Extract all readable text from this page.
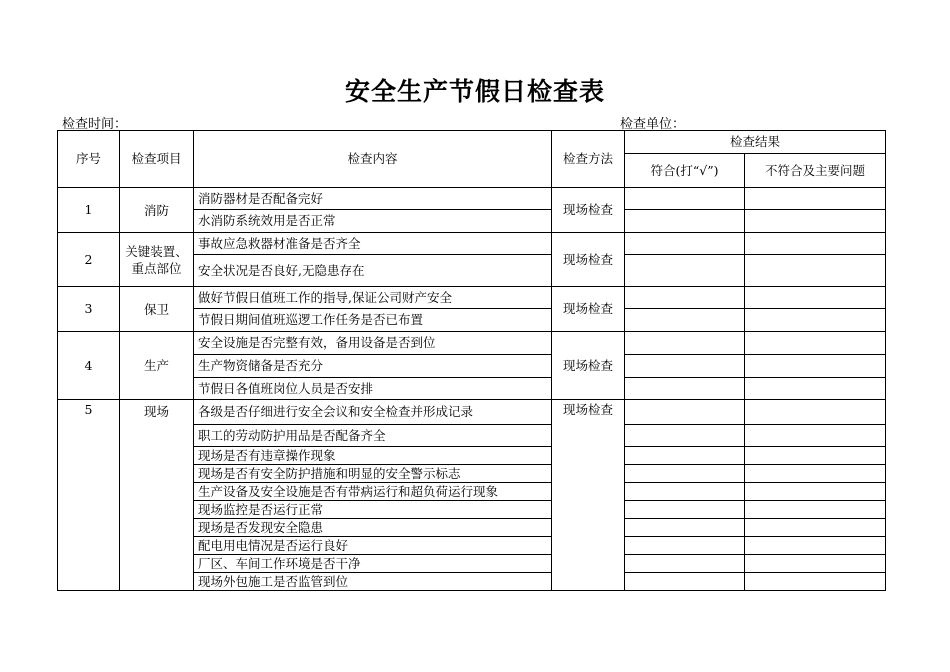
安全生产节假日检查表
检查时间：	检查单位：
序号	检查项目	检查内容	检查方法	检查结果	
				符合(打“√”)	不符合及主要问题
1	消防	消防器材是否配备完好	现场检查		
		水消防系统效用是否正常			
2	关键装置、重点部位	事故应急救器材准备是否齐全	现场检查		
		安全状况是否良好,无隐患存在			
3	保卫	做好节假日值班工作的指导,保证公司财产安全	现场检查		
		节假日期间值班巡逻工作任务是否已布置			
4	生产	安全设施是否完整有效，备用设备是否到位	现场检查		
		生产物资储备是否充分			
		节假日各值班岗位人员是否安排			
5	现场	各级是否仔细进行安全会议和安全检查并形成记录	现场检查		
		职工的劳动防护用品是否配备齐全			
		现场是否有违章操作现象			
		现场是否有安全防护措施和明显的安全警示标志			
		生产设备及安全设施是否有带病运行和超负荷运行现象			
		现场监控是否运行正常			
		现场是否发现安全隐患			
		配电用电情况是否运行良好			
		厂区、车间工作环境是否干净			
		现场外包施工是否监管到位			
